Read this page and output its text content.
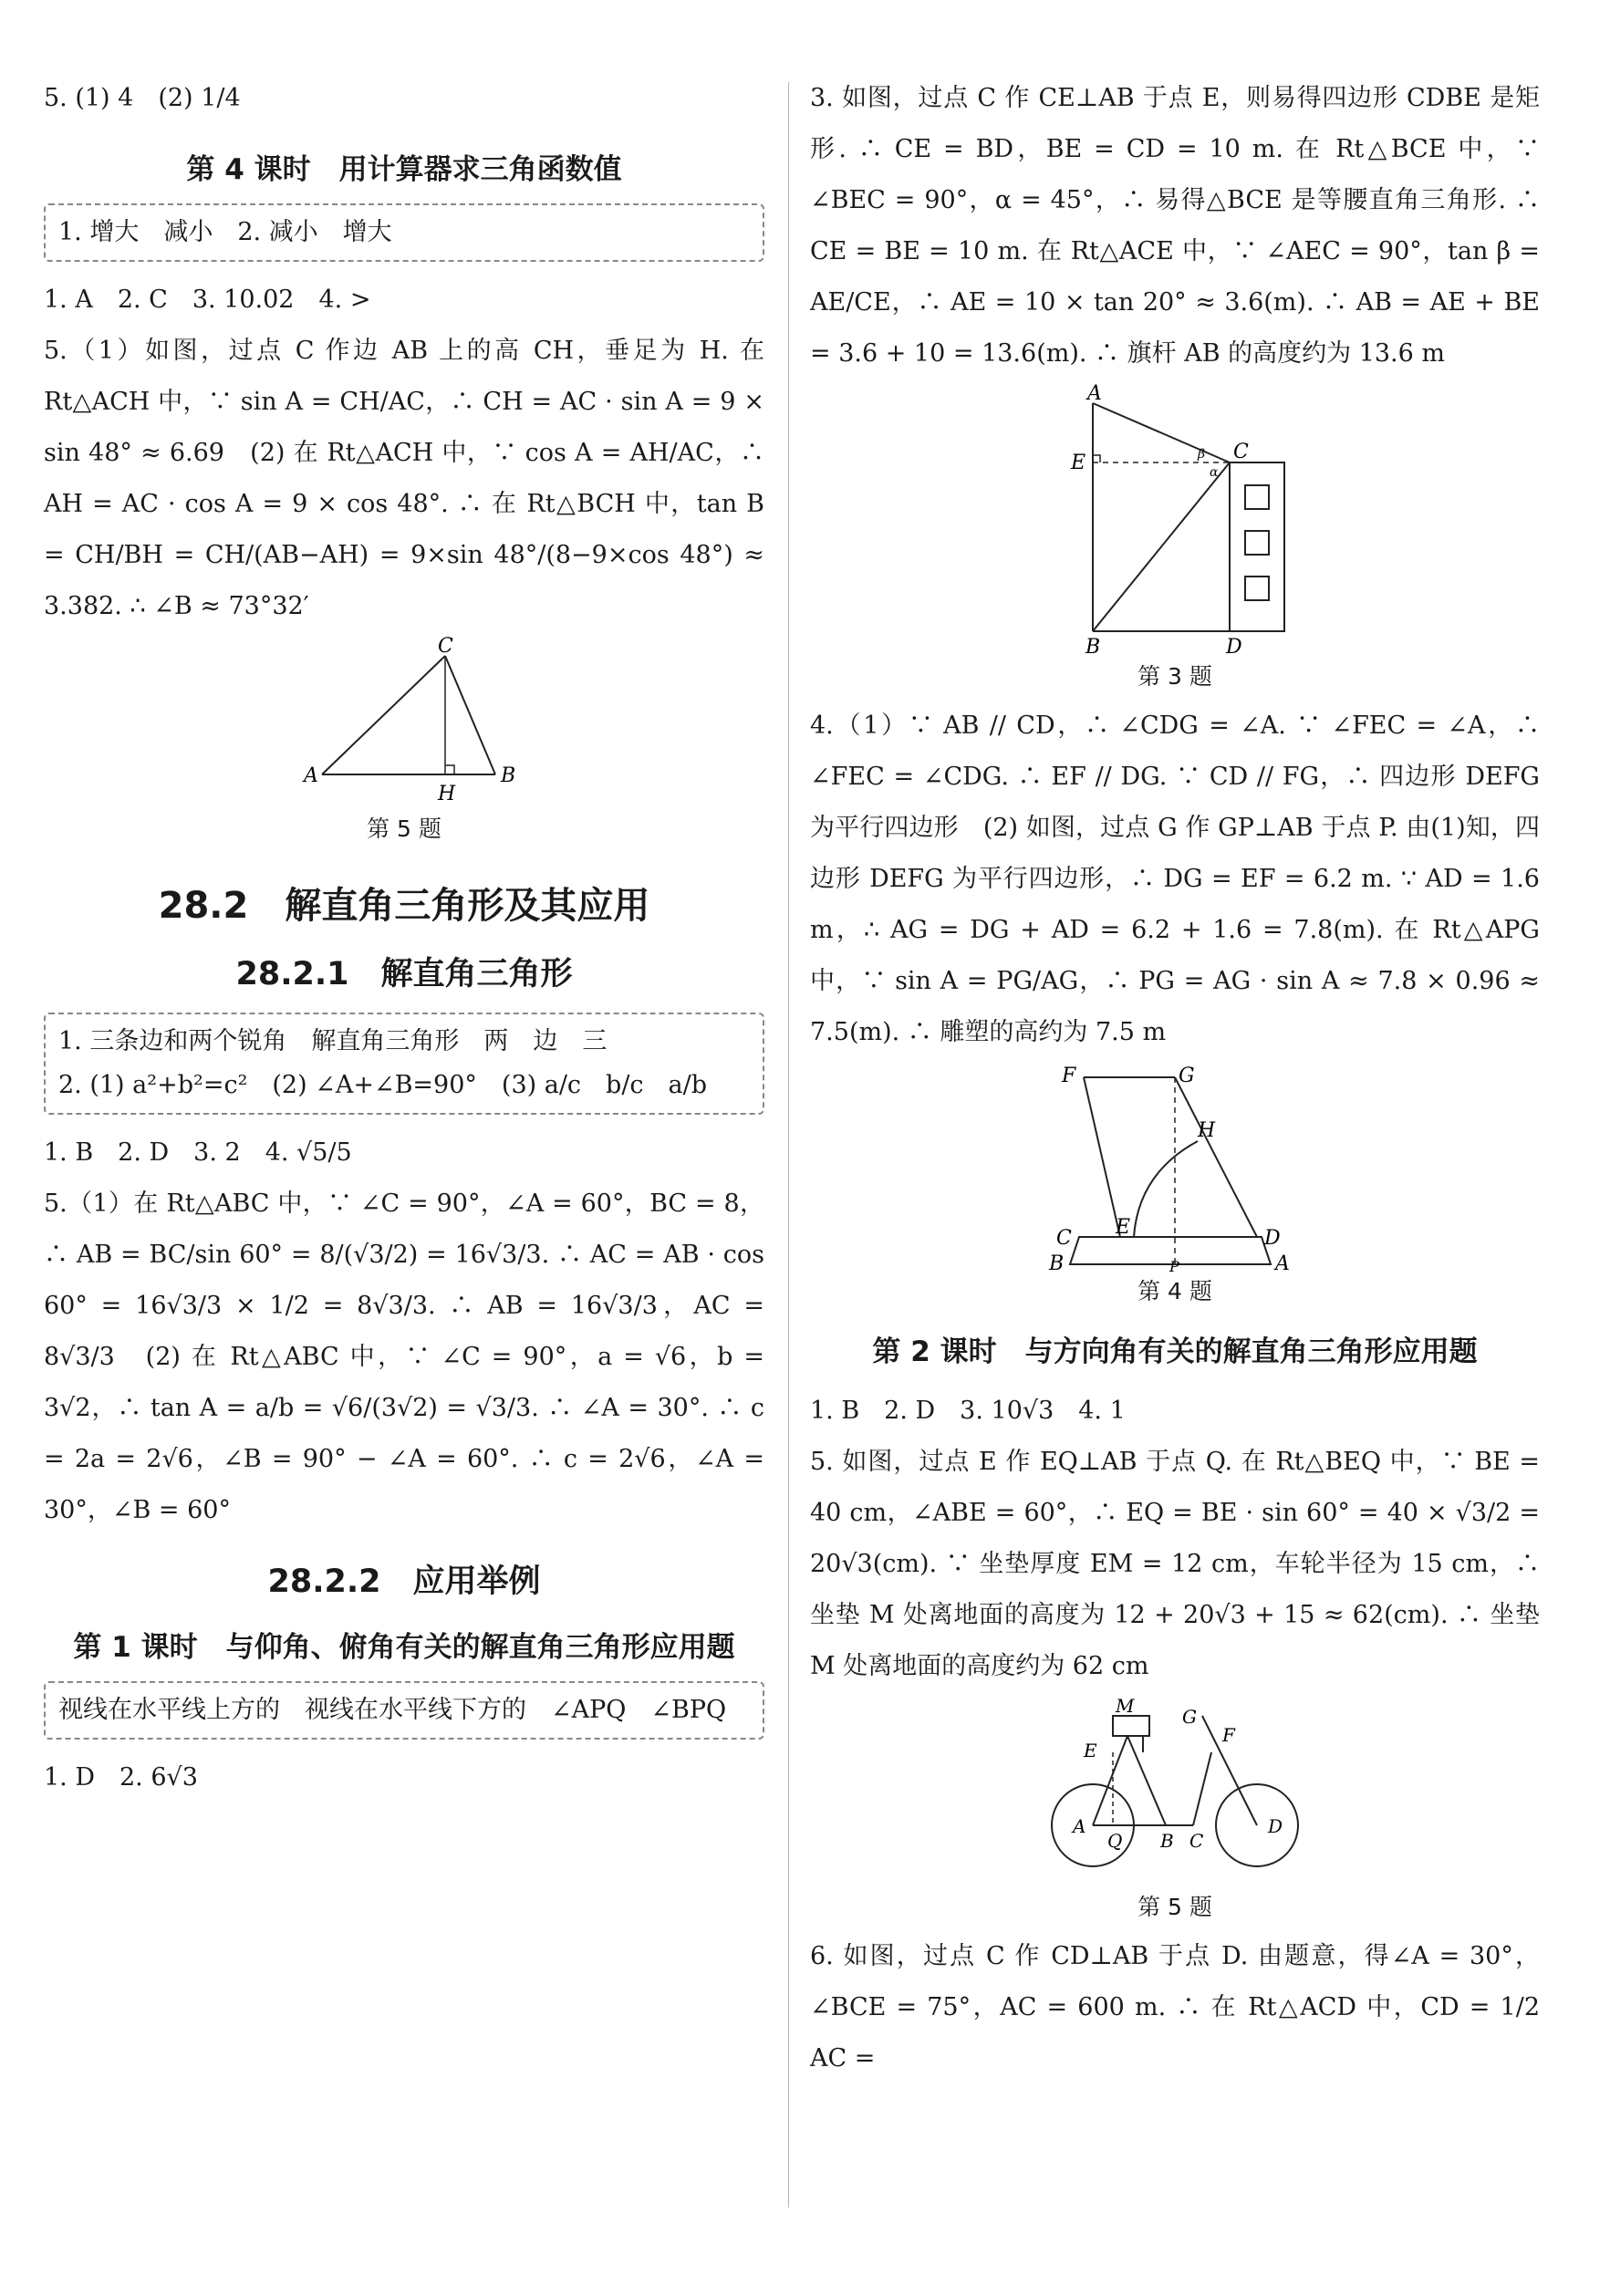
5. (1) 4　(2) 1/4

第 4 课时　用计算器求三角函数值
1. 增大　减小　2. 减小　增大

1. A　2. C　3. 10.02　4. >

5.（1）如图，过点 C 作边 AB 上的高 CH，垂足为 H. 在 Rt△ACH 中，∵ sin A = CH/AC，∴ CH = AC · sin A = 9 × sin 48° ≈ 6.69　(2) 在 Rt△ACH 中，∵ cos A = AH/AC，∴ AH = AC · cos A = 9 × cos 48°. ∴ 在 Rt△BCH 中，tan B = CH/BH = CH/(AB−AH) = 9×sin 48°/(8−9×cos 48°) ≈ 3.382. ∴ ∠B ≈ 73°32′

A	B
C
H
第 5 题
28.2　解直角三角形及其应用
28.2.1　解直角三角形
1. 三条边和两个锐角　解直角三角形　两　边　三
2. (1) a²+b²=c²　(2) ∠A+∠B=90°　(3) a/c　b/c　a/b

1. B　2. D　3. 2　4. √5/5

5.（1）在 Rt△ABC 中，∵ ∠C = 90°，∠A = 60°，BC = 8，∴ AB = BC/sin 60° = 8/(√3/2) = 16√3/3. ∴ AC = AB · cos 60° = 16√3/3 × 1/2 = 8√3/3. ∴ AB = 16√3/3，AC = 8√3/3　(2) 在 Rt△ABC 中，∵ ∠C = 90°，a = √6，b = 3√2，∴ tan A = a/b = √6/(3√2) = √3/3. ∴ ∠A = 30°. ∴ c = 2a = 2√6，∠B = 90° − ∠A = 60°. ∴ c = 2√6，∠A = 30°，∠B = 60°

28.2.2　应用举例
第 1 课时　与仰角、俯角有关的解直角三角形应用题
视线在水平线上方的　视线在水平线下方的　∠APQ　∠BPQ

1. D　2. 6√3

3. 如图，过点 C 作 CE⊥AB 于点 E，则易得四边形 CDBE 是矩形. ∴ CE = BD，BE = CD = 10 m. 在 Rt△BCE 中，∵ ∠BEC = 90°，α = 45°，∴ 易得△BCE 是等腰直角三角形. ∴ CE = BE = 10 m. 在 Rt△ACE 中，∵ ∠AEC = 90°，tan β = AE/CE，∴ AE = 10 × tan 20° ≈ 3.6(m). ∴ AB = AE + BE = 3.6 + 10 = 13.6(m). ∴ 旗杆 AB 的高度约为 13.6 m

A
B
C
D
E	β
α
第 3 题

4.（1）∵ AB // CD，∴ ∠CDG = ∠A. ∵ ∠FEC = ∠A，∴ ∠FEC = ∠CDG. ∴ EF // DG. ∵ CD // FG，∴ 四边形 DEFG 为平行四边形　(2) 如图，过点 G 作 GP⊥AB 于点 P. 由(1)知，四边形 DEFG 为平行四边形，∴ DG = EF = 6.2 m. ∵ AD = 1.6 m，∴ AG = DG + AD = 6.2 + 1.6 = 7.8(m). 在 Rt△APG 中，∵ sin A = PG/AG，∴ PG = AG · sin A ≈ 7.8 × 0.96 ≈ 7.5(m). ∴ 雕塑的高约为 7.5 m

F	G
H
C E	D
B	P	A
第 4 题
第 2 课时　与方向角有关的解直角三角形应用题

1. B　2. D　3. 10√3　4. 1

5. 如图，过点 E 作 EQ⊥AB 于点 Q. 在 Rt△BEQ 中，∵ BE = 40 cm，∠ABE = 60°，∴ EQ = BE · sin 60° = 40 × √3/2 = 20√3(cm). ∵ 坐垫厚度 EM = 12 cm，车轮半径为 15 cm，∴ 坐垫 M 处离地面的高度为 12 + 20√3 + 15 ≈ 62(cm). ∴ 坐垫 M 处离地面的高度约为 62 cm

M
E
G
F
A
Q B C
D
第 5 题

6. 如图，过点 C 作 CD⊥AB 于点 D. 由题意，得∠A = 30°，∠BCE = 75°，AC = 600 m. ∴ 在 Rt△ACD 中，CD = 1/2 AC =
